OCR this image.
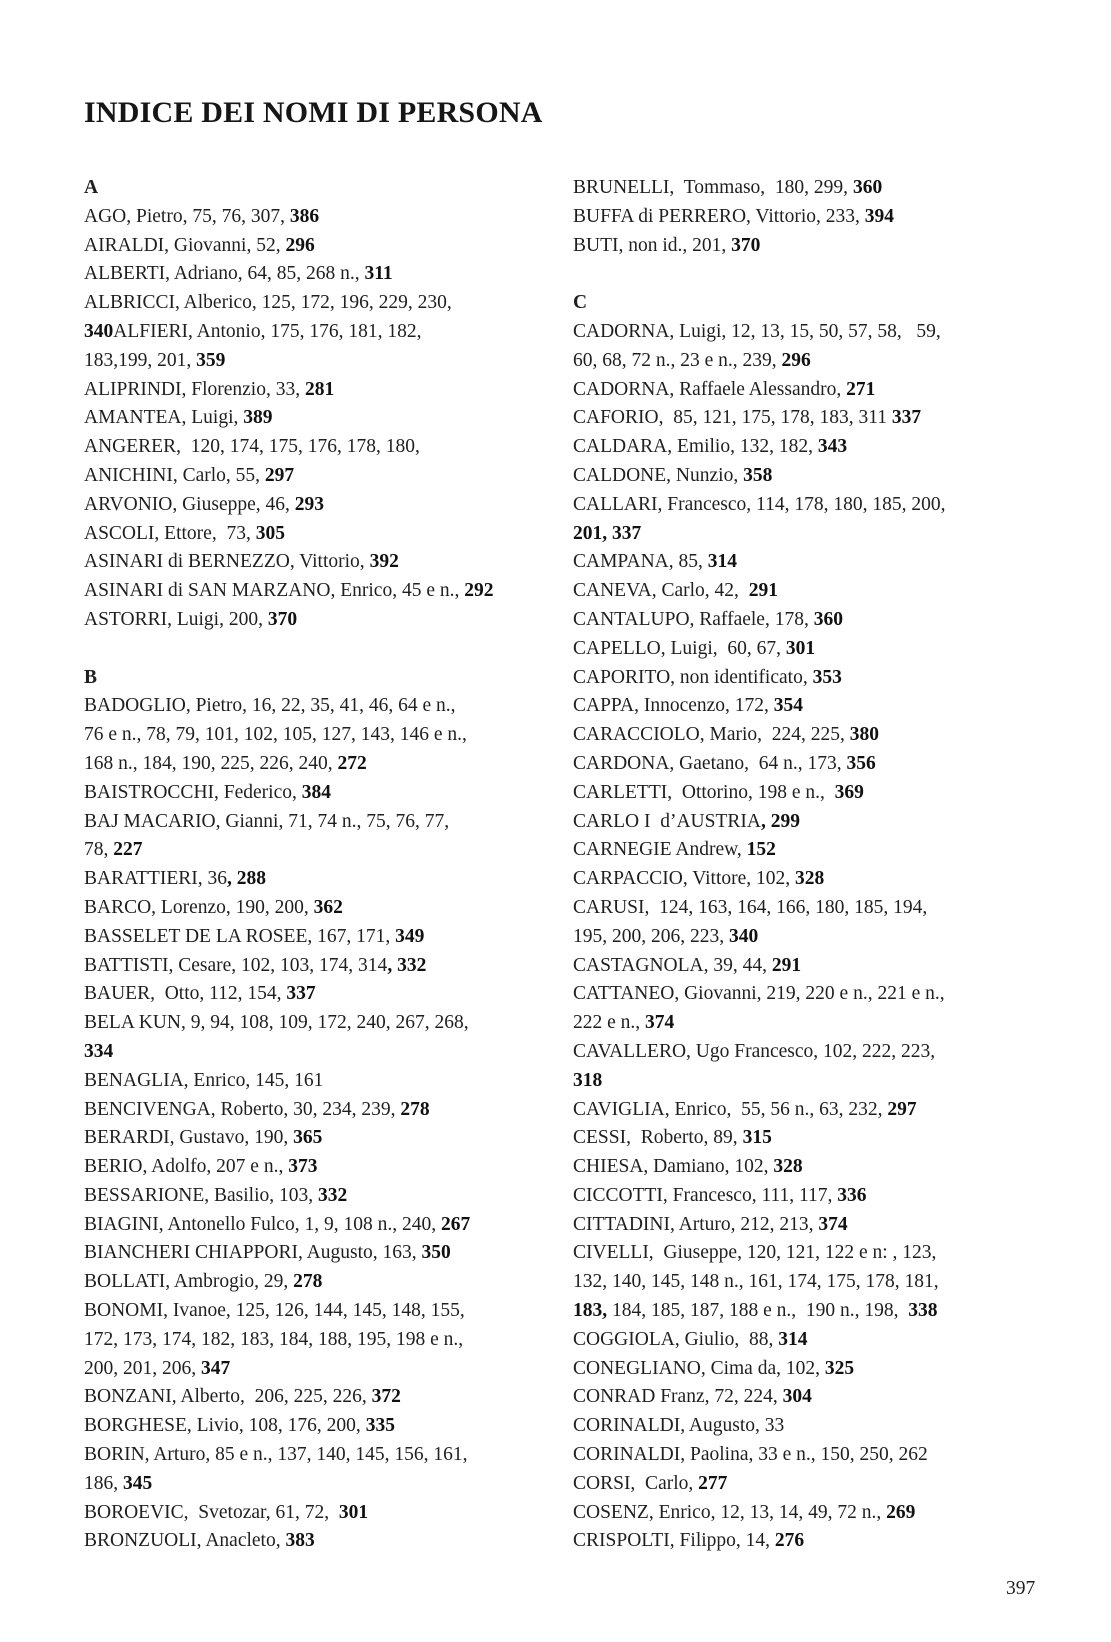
INDICE DEI NOMI DI PERSONA
A
AGO, Pietro, 75, 76, 307, 386
AIRALDI, Giovanni, 52, 296
ALBERTI, Adriano, 64, 85, 268 n., 311
ALBRICCI, Alberico, 125, 172, 196, 229, 230,
340ALFIERI, Antonio, 175, 176, 181, 182,
183,199, 201, 359
ALIPRINDI, Florenzio, 33, 281
AMANTEA, Luigi, 389
ANGERER,  120, 174, 175, 176, 178, 180,
ANICHINI, Carlo, 55, 297
ARVONIO, Giuseppe, 46, 293
ASCOLI, Ettore,  73, 305
ASINARI di BERNEZZO, Vittorio, 392
ASINARI di SAN MARZANO, Enrico, 45 e n., 292
ASTORRI, Luigi, 200, 370
B
BADOGLIO, Pietro, 16, 22, 35, 41, 46, 64 e n.,
76 e n., 78, 79, 101, 102, 105, 127, 143, 146 e n.,
168 n., 184, 190, 225, 226, 240, 272
BAISTROCCHI, Federico, 384
BAJ MACARIO, Gianni, 71, 74 n., 75, 76, 77,
78, 227
BARATTIERI, 36, 288
BARCO, Lorenzo, 190, 200, 362
BASSELET DE LA ROSEE, 167, 171, 349
BATTISTI, Cesare, 102, 103, 174, 314, 332
BAUER,  Otto, 112, 154, 337
BELA KUN, 9, 94, 108, 109, 172, 240, 267, 268,
334
BENAGLIA, Enrico, 145, 161
BENCIVENGA, Roberto, 30, 234, 239, 278
BERARDI, Gustavo, 190, 365
BERIO, Adolfo, 207 e n., 373
BESSARIONE, Basilio, 103, 332
BIAGINI, Antonello Fulco, 1, 9, 108 n., 240, 267
BIANCHERI CHIAPPORI, Augusto, 163, 350
BOLLATI, Ambrogio, 29, 278
BONOMI, Ivanoe, 125, 126, 144, 145, 148, 155,
172, 173, 174, 182, 183, 184, 188, 195, 198 e n.,
200, 201, 206, 347
BONZANI, Alberto,  206, 225, 226, 372
BORGHESE, Livio, 108, 176, 200, 335
BORIN, Arturo, 85 e n., 137, 140, 145, 156, 161,
186, 345
BOROEVIC,  Svetozar, 61, 72,  301
BRONZUOLI, Anacleto, 383
BRUNELLI,  Tommaso,  180, 299, 360
BUFFA di PERRERO, Vittorio, 233, 394
BUTI, non id., 201, 370
C
CADORNA, Luigi, 12, 13, 15, 50, 57, 58,   59,
60, 68, 72 n., 23 e n., 239, 296
CADORNA, Raffaele Alessandro, 271
CAFORIO,  85, 121, 175, 178, 183, 311 337
CALDARA, Emilio, 132, 182, 343
CALDONE, Nunzio, 358
CALLARI, Francesco, 114, 178, 180, 185, 200,
201, 337
CAMPANA, 85, 314
CANEVA, Carlo, 42,  291
CANTALUPO, Raffaele, 178, 360
CAPELLO, Luigi,  60, 67, 301
CAPORITO, non identificato, 353
CAPPA, Innocenzo, 172, 354
CARACCIOLO, Mario,  224, 225, 380
CARDONA, Gaetano,  64 n., 173, 356
CARLETTI,  Ottorino, 198 e n.,  369
CARLO I  d’AUSTRIA, 299
CARNEGIE Andrew, 152
CARPACCIO, Vittore, 102, 328
CARUSI,  124, 163, 164, 166, 180, 185, 194,
195, 200, 206, 223, 340
CASTAGNOLA, 39, 44, 291
CATTANEO, Giovanni, 219, 220 e n., 221 e n.,
222 e n., 374
CAVALLERO, Ugo Francesco, 102, 222, 223,
318
CAVIGLIA, Enrico,  55, 56 n., 63, 232, 297
CESSI,  Roberto, 89, 315
CHIESA, Damiano, 102, 328
CICCOTTI, Francesco, 111, 117, 336
CITTADINI, Arturo, 212, 213, 374
CIVELLI,  Giuseppe, 120, 121, 122 e n: , 123,
132, 140, 145, 148 n., 161, 174, 175, 178, 181,
183, 184, 185, 187, 188 e n.,  190 n., 198,  338
COGGIOLA, Giulio,  88, 314
CONEGLIANO, Cima da, 102, 325
CONRAD Franz, 72, 224, 304
CORINALDI, Augusto, 33
CORINALDI, Paolina, 33 e n., 150, 250, 262
CORSI,  Carlo, 277
COSENZ, Enrico, 12, 13, 14, 49, 72 n., 269
CRISPOLTI, Filippo, 14, 276
397
